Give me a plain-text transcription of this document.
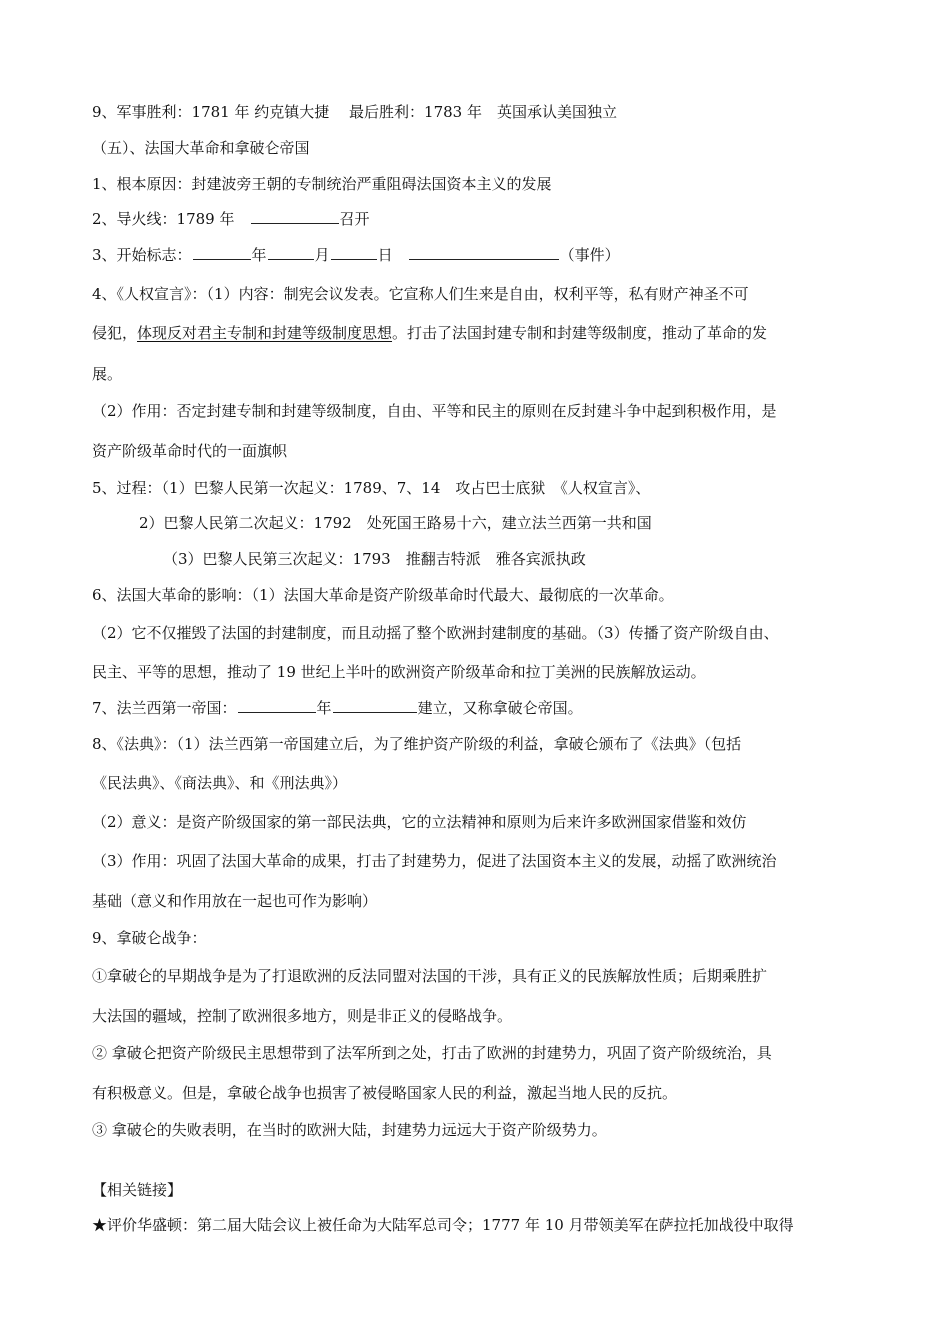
9、军事胜利：1781 年 约克镇大捷　 最后胜利：1783 年　英国承认美国独立
（五）、法国大革命和拿破仑帝国
1、根本原因：封建波旁王朝的专制统治严重阻碍法国资本主义的发展
2、导火线：1789 年　	召开
3、开始标志：	年	月	日　	（事件）
4、《人权宣言》：（1）内容：制宪会议发表。它宣称人们生来是自由，权利平等，私有财产神圣不可
侵犯，体现反对君主专制和封建等级制度思想。打击了法国封建专制和封建等级制度，推动了革命的发
展。
（2）作用：否定封建专制和封建等级制度，自由、平等和民主的原则在反封建斗争中起到积极作用，是
资产阶级革命时代的一面旗帜
5、过程：（1）巴黎人民第一次起义：1789、7、14　攻占巴士底狱　《人权宣言》、
2）巴黎人民第二次起义：1792　处死国王路易十六，建立法兰西第一共和国
（3）巴黎人民第三次起义：1793　推翻吉特派　雅各宾派执政
6、法国大革命的影响：（1）法国大革命是资产阶级革命时代最大、最彻底的一次革命。
（2）它不仅摧毁了法国的封建制度，而且动摇了整个欧洲封建制度的基础。（3）传播了资产阶级自由、
民主、平等的思想，推动了 19 世纪上半叶的欧洲资产阶级革命和拉丁美洲的民族解放运动。
7、法兰西第一帝国：	年	建立，又称拿破仑帝国。
8、《法典》：（1）法兰西第一帝国建立后，为了维护资产阶级的利益，拿破仑颁布了《法典》（包括
《民法典》、《商法典》、和《刑法典》）
（2）意义：是资产阶级国家的第一部民法典，它的立法精神和原则为后来许多欧洲国家借鉴和效仿
（3）作用：巩固了法国大革命的成果，打击了封建势力，促进了法国资本主义的发展，动摇了欧洲统治
基础（意义和作用放在一起也可作为影响）
9、拿破仑战争：
①拿破仑的早期战争是为了打退欧洲的反法同盟对法国的干涉，具有正义的民族解放性质；后期乘胜扩
大法国的疆域，控制了欧洲很多地方，则是非正义的侵略战争。
② 拿破仑把资产阶级民主思想带到了法军所到之处，打击了欧洲的封建势力，巩固了资产阶级统治，具
有积极意义。但是，拿破仑战争也损害了被侵略国家人民的利益，激起当地人民的反抗。
③ 拿破仑的失败表明，在当时的欧洲大陆，封建势力远远大于资产阶级势力。
【相关链接】
★评价华盛顿：第二届大陆会议上被任命为大陆军总司令；1777 年 10 月带领美军在萨拉托加战役中取得
